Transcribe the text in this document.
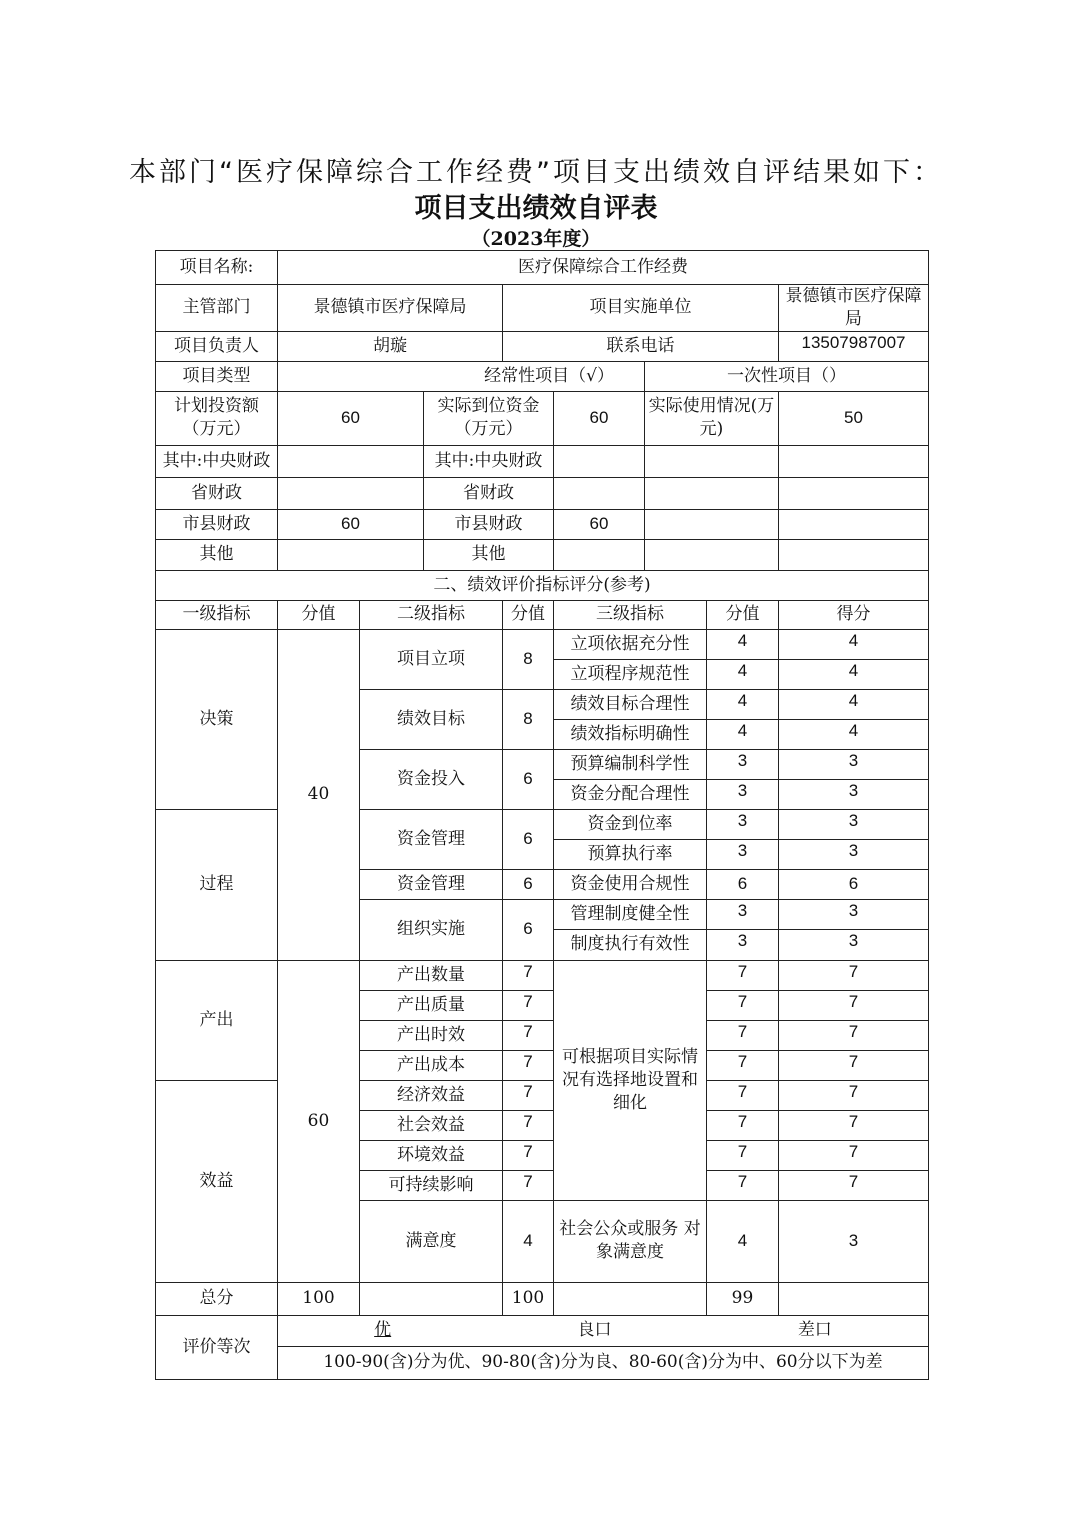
本部门“医疗保障综合工作经费”项目支出绩效自评结果如下：
项目支出绩效自评表
（2023年度）
项目名称:	医疗保障综合工作经费							
主管部门	景德镇市医疗保障局			项目实施单位				景德镇市医疗保障局
项目负责人	胡璇			联系电话				13507987007
项目类型	经常性项目（√）					一次性项目（）		
计划投资额（万元）	60		实际到位资金（万元）		60	实际使用情况(万元)		50
其中:中央财政			其中:中央财政					
省财政			省财政					
市县财政	60		市县财政		60			
其他			其他					
二、绩效评价指标评分(参考)								
一级指标	分值	二级指标		分值	三级指标		分值	得分
决策	40	项目立项		8	立项依据充分性		4	4
					立项程序规范性		4	4
		绩效目标		8	绩效目标合理性		4	4
					绩效指标明确性		4	4
		资金投入		6	预算编制科学性		3	3
					资金分配合理性		3	3
过程		资金管理		6	资金到位率		3	3
					预算执行率		3	3
		资金管理		6	资金使用合规性		6	6
		组织实施		6	管理制度健全性		3	3
					制度执行有效性		3	3
产出	60	产出数量		7	可根据项目实际情况有选择地设置和细化		7	7
		产出质量		7			7	7
		产出时效		7			7	7
		产出成本		7			7	7
效益		经济效益		7			7	7
		社会效益		7			7	7
		环境效益		7			7	7
		可持续影响		7			7	7
		满意度		4	社会公众或服务 对象满意度		4	3
总分	100			100			99	
评价等次	优 良口 差口							

	100-90(含)分为优、90-80(含)分为良、80-60(含)分为中、60分以下为差							
